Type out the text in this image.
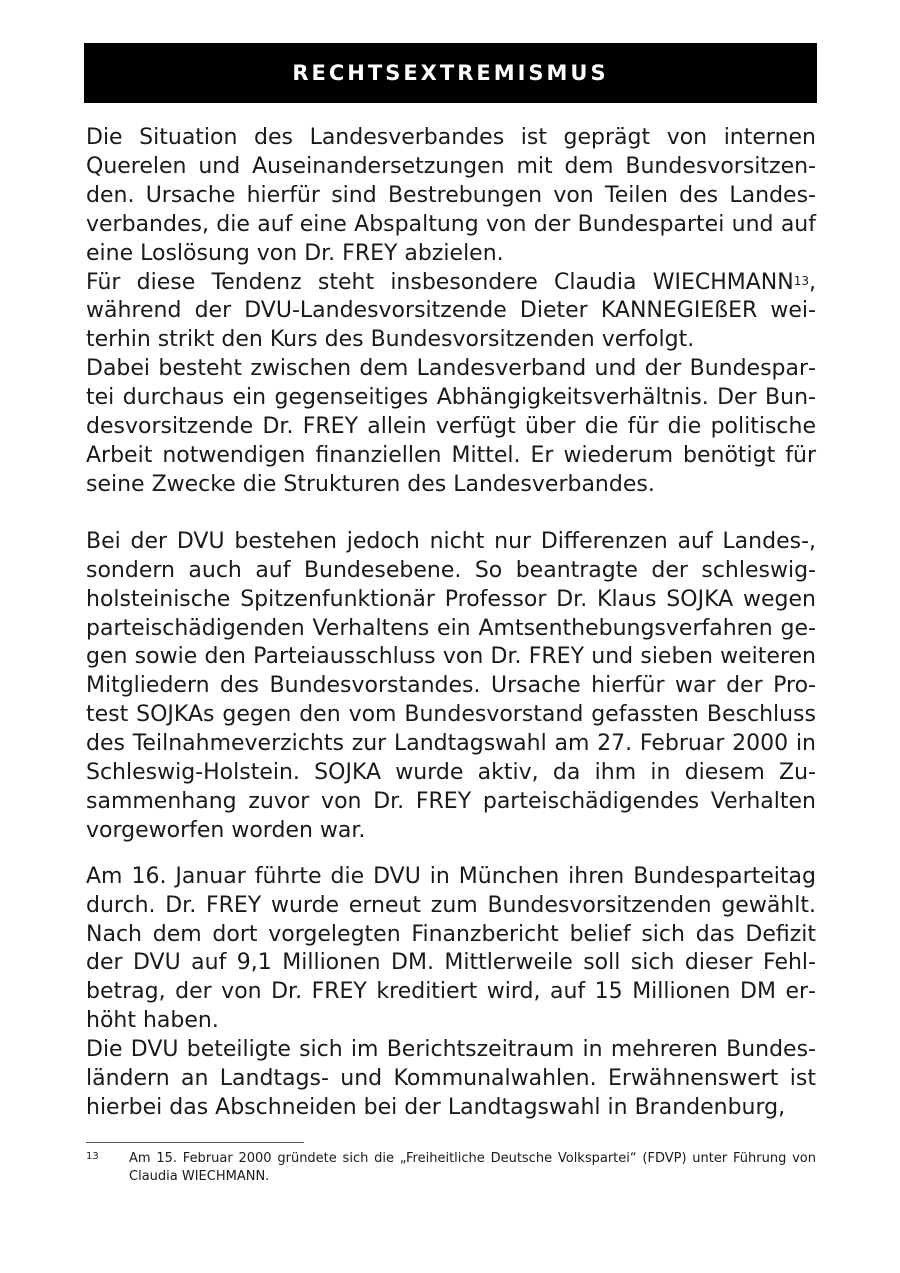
RECHTSEXTREMISMUS

Die Situation des Landesverbandes ist geprägt von internen Querelen und Auseinandersetzungen mit dem Bundesvorsitzenden. Ursache hierfür sind Bestrebungen von Teilen des Landesverbandes, die auf eine Abspaltung von der Bundespartei und auf eine Loslösung von Dr. FREY abzielen.

Für diese Tendenz steht insbesondere Claudia WIECHMANN$^{13}$, während der DVU-Landesvorsitzende Dieter KANNEGIEßER weiterhin strikt den Kurs des Bundesvorsitzenden verfolgt.

Dabei besteht zwischen dem Landesverband und der Bundespartei durchaus ein gegenseitiges Abhängigkeitsverhältnis. Der Bundesvorsitzende Dr. FREY allein verfügt über die für die politische Arbeit notwendigen finanziellen Mittel. Er wiederum benötigt für seine Zwecke die Strukturen des Landesverbandes.

Bei der DVU bestehen jedoch nicht nur Differenzen auf Landes-, sondern auch auf Bundesebene. So beantragte der schleswigholsteinische Spitzenfunktionär Professor Dr. Klaus SOJKA wegen parteischädigenden Verhaltens ein Amtsenthebungsverfahren gegen sowie den Parteiausschluss von Dr. FREY und sieben weiteren Mitgliedern des Bundesvorstandes. Ursache hierfür war der Protest SOJKAs gegen den vom Bundesvorstand gefassten Beschluss des Teilnahmeverzichts zur Landtagswahl am 27. Februar 2000 in Schleswig-Holstein. SOJKA wurde aktiv, da ihm in diesem Zusammenhang zuvor von Dr. FREY parteischädigendes Verhalten vorgeworfen worden war.

Am 16. Januar führte die DVU in München ihren Bundesparteitag durch. Dr. FREY wurde erneut zum Bundesvorsitzenden gewählt. Nach dem dort vorgelegten Finanzbericht belief sich das Defizit der DVU auf 9,1 Millionen DM. Mittlerweile soll sich dieser Fehlbetrag, der von Dr. FREY kreditiert wird, auf 15 Millionen DM erhöht haben.

Die DVU beteiligte sich im Berichtszeitraum in mehreren Bundesländern an Landtags- und Kommunalwahlen. Erwähnenswert ist hierbei das Abschneiden bei der Landtagswahl in Brandenburg,

13	Am 15. Februar 2000 gründete sich die „Freiheitliche Deutsche Volkspartei“ (FDVP) unter Führung von Claudia WIECHMANN.
